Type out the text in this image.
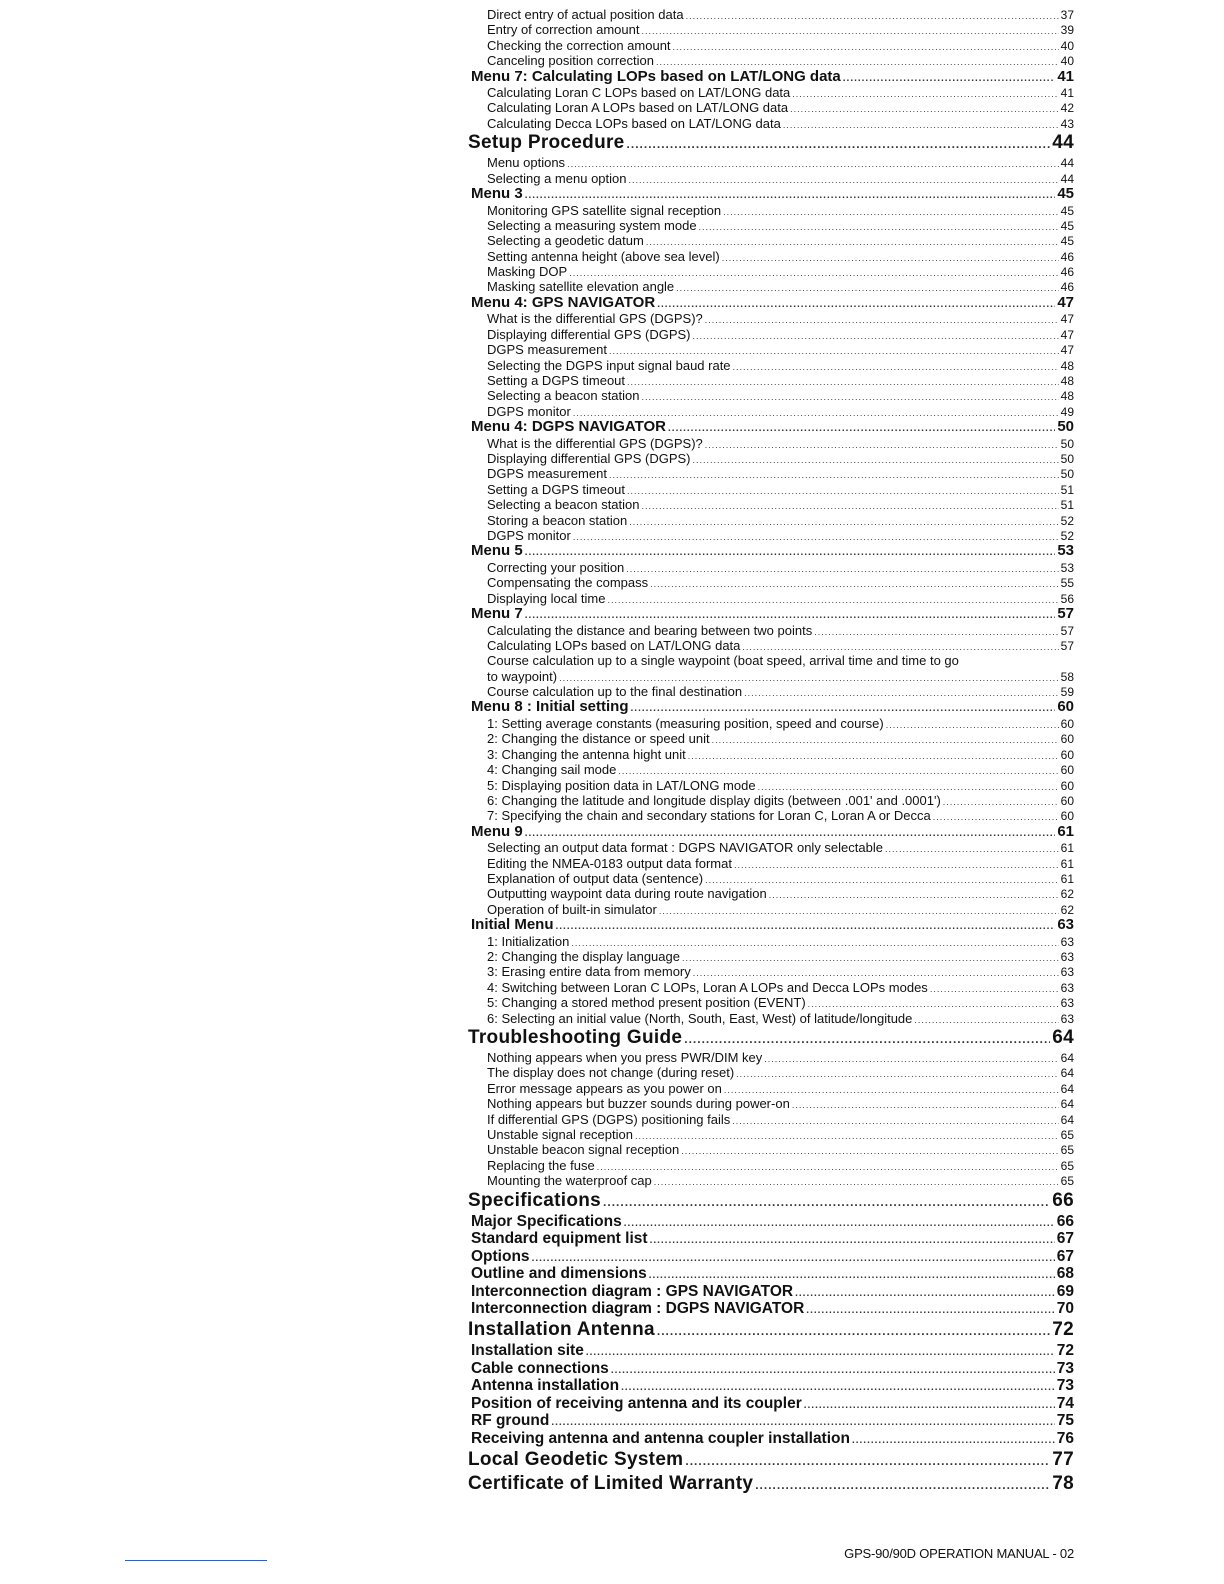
Direct entry of actual position data .....	37
Entry of correction amount .....	39
Checking the correction amount .....	40
Canceling position correction .....	40
Menu 7: Calculating LOPs based on LAT/LONG data .....	41
Calculating Loran C LOPs based on LAT/LONG data .....	41
Calculating Loran A LOPs based on LAT/LONG data .....	42
Calculating Decca LOPs based on LAT/LONG data .....	43
Setup Procedure .....	44
Menu options .....	44
Selecting a menu option .....	44
Menu 3 .....	45
Monitoring GPS satellite signal reception .....	45
Selecting a measuring system mode .....	45
Selecting a geodetic datum .....	45
Setting antenna height (above sea level) .....	46
Masking DOP .....	46
Masking satellite elevation angle .....	46
Menu 4: GPS NAVIGATOR .....	47
What is the differential GPS (DGPS)? .....	47
Displaying differential GPS (DGPS) .....	47
DGPS measurement .....	47
Selecting the DGPS input signal baud rate .....	48
Setting a DGPS timeout .....	48
Selecting a beacon station .....	48
DGPS monitor .....	49
Menu 4: DGPS NAVIGATOR .....	50
What is the differential GPS (DGPS)? .....	50
Displaying differential GPS (DGPS) .....	50
DGPS measurement .....	50
Setting a DGPS timeout .....	51
Selecting a beacon station .....	51
Storing a beacon station .....	52
DGPS monitor .....	52
Menu 5 .....	53
Correcting your position .....	53
Compensating the compass .....	55
Displaying local time .....	56
Menu 7 .....	57
Calculating the distance and bearing between two points .....	57
Calculating LOPs based on LAT/LONG data .....	57
Course calculation up to a single waypoint (boat speed, arrival time and time to go
to waypoint) .....	58
Course calculation up to the final destination .....	59
Menu 8 : Initial setting .....	60
1: Setting average constants (measuring position, speed and course) .....	60
2: Changing the distance or speed unit .....	60
3: Changing the antenna hight unit .....	60
4: Changing sail mode .....	60
5: Displaying position data in LAT/LONG mode .....	60
6: Changing the latitude and longitude display digits (between .001' and .0001') .....	60
7: Specifying the chain and secondary stations for Loran C, Loran A or Decca .....	60
Menu 9 .....	61
Selecting an output data format : DGPS NAVIGATOR only selectable .....	61
Editing the NMEA-0183 output data format .....	61
Explanation of output data (sentence) .....	61
Outputting waypoint data during route navigation .....	62
Operation of built-in simulator .....	62
Initial Menu .....	63
1: Initialization .....	63
2: Changing the display language .....	63
3: Erasing entire data from memory .....	63
4: Switching between Loran C LOPs, Loran A LOPs and Decca LOPs modes .....	63
5: Changing a stored method present position (EVENT) .....	63
6: Selecting an initial value (North, South, East, West) of latitude/longitude .....	63
Troubleshooting Guide .....	64
Nothing appears when you press PWR/DIM key .....	64
The display does not change (during reset) .....	64
Error message appears as you power on .....	64
Nothing appears but buzzer sounds during power-on .....	64
If differential GPS (DGPS) positioning fails .....	64
Unstable signal reception .....	65
Unstable beacon signal reception .....	65
Replacing the fuse .....	65
Mounting the waterproof cap .....	65
Specifications .....	66
Major Specifications .....	66
Standard equipment list .....	67
Options .....	67
Outline and dimensions .....	68
Interconnection diagram : GPS NAVIGATOR .....	69
Interconnection diagram : DGPS NAVIGATOR .....	70
Installation Antenna .....	72
Installation site .....	72
Cable connections .....	73
Antenna installation .....	73
Position of receiving antenna and its coupler .....	74
RF ground .....	75
Receiving antenna and antenna coupler installation .....	76
Local Geodetic System .....	77
Certificate of Limited Warranty .....	78
GPS-90/90D OPERATION MANUAL - 02
